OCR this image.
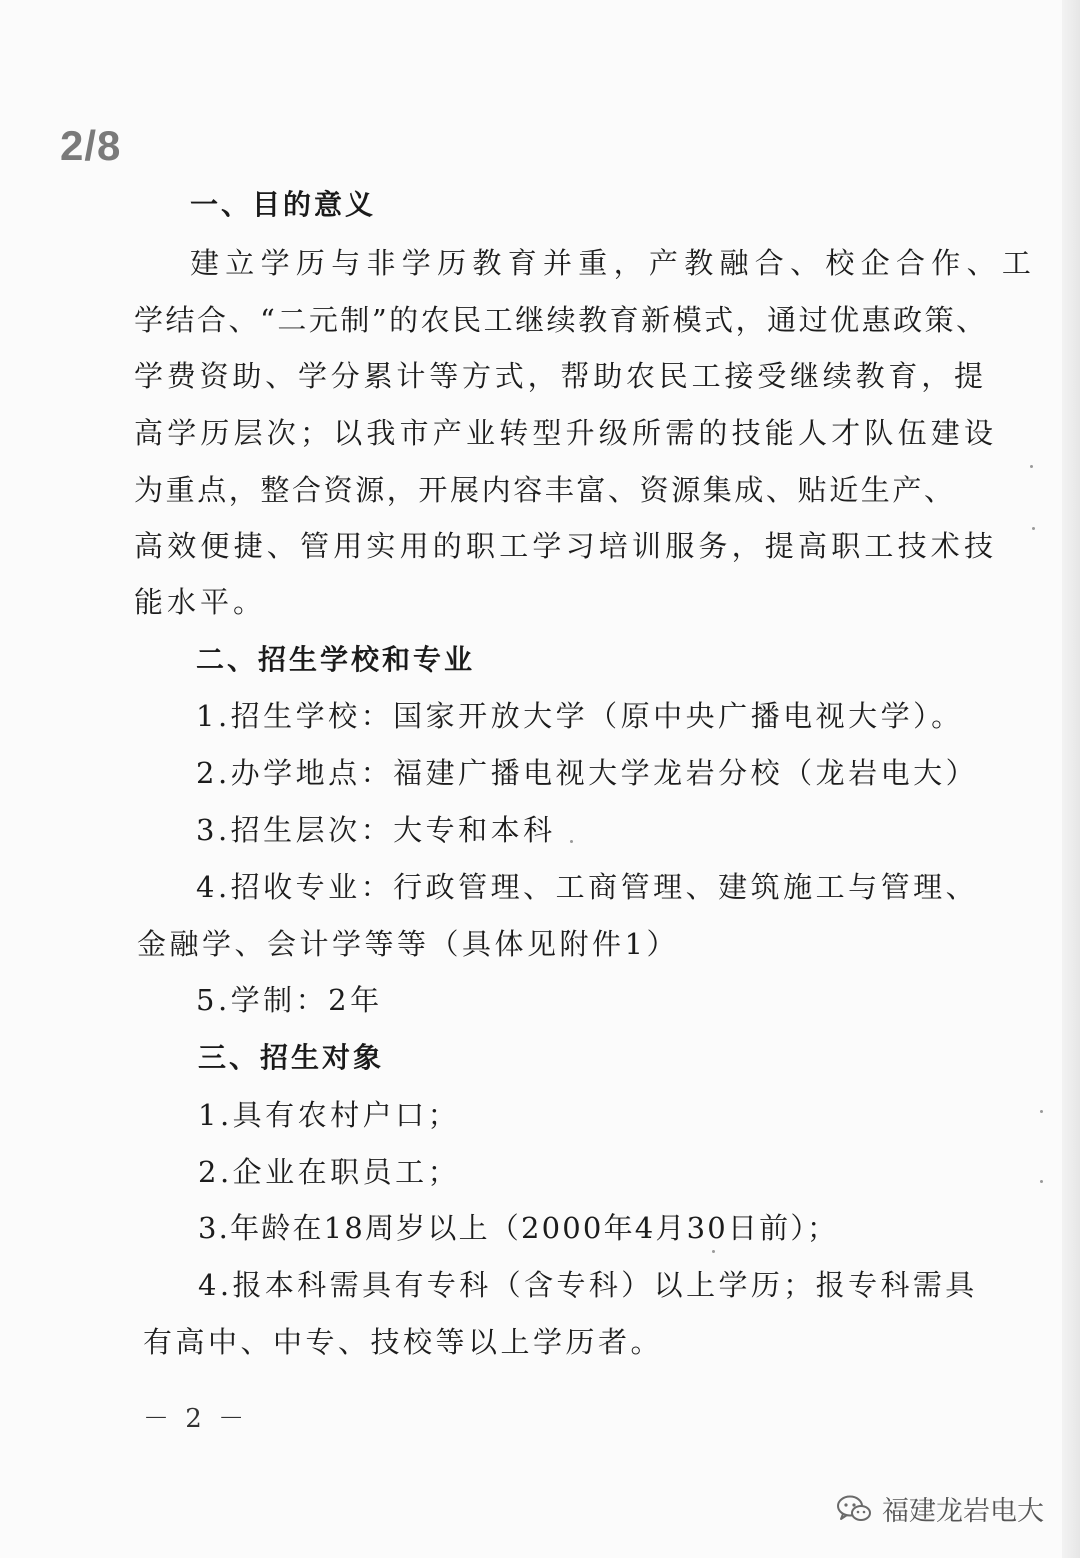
2/8
一、目的意义
建立学历与非学历教育并重，产教融合、校企合作、工
学结合、“二元制”的农民工继续教育新模式，通过优惠政策、
学费资助、学分累计等方式，帮助农民工接受继续教育，提
高学历层次；以我市产业转型升级所需的技能人才队伍建设
为重点，整合资源，开展内容丰富、资源集成、贴近生产、
高效便捷、管用实用的职工学习培训服务，提高职工技术技
能水平。
二、招生学校和专业
1.招生学校：国家开放大学（原中央广播电视大学）。
2.办学地点：福建广播电视大学龙岩分校（龙岩电大）
3.招生层次：大专和本科
4.招收专业：行政管理、工商管理、建筑施工与管理、
金融学、会计学等等（具体见附件1）
5.学制：2年
三、招生对象
1.具有农村户口；
2.企业在职员工；
3.年龄在18周岁以上（2000年4月30日前）；
4.报本科需具有专科（含专科）以上学历；报专科需具
有高中、中专、技校等以上学历者。
－ 2 －
福建龙岩电大
